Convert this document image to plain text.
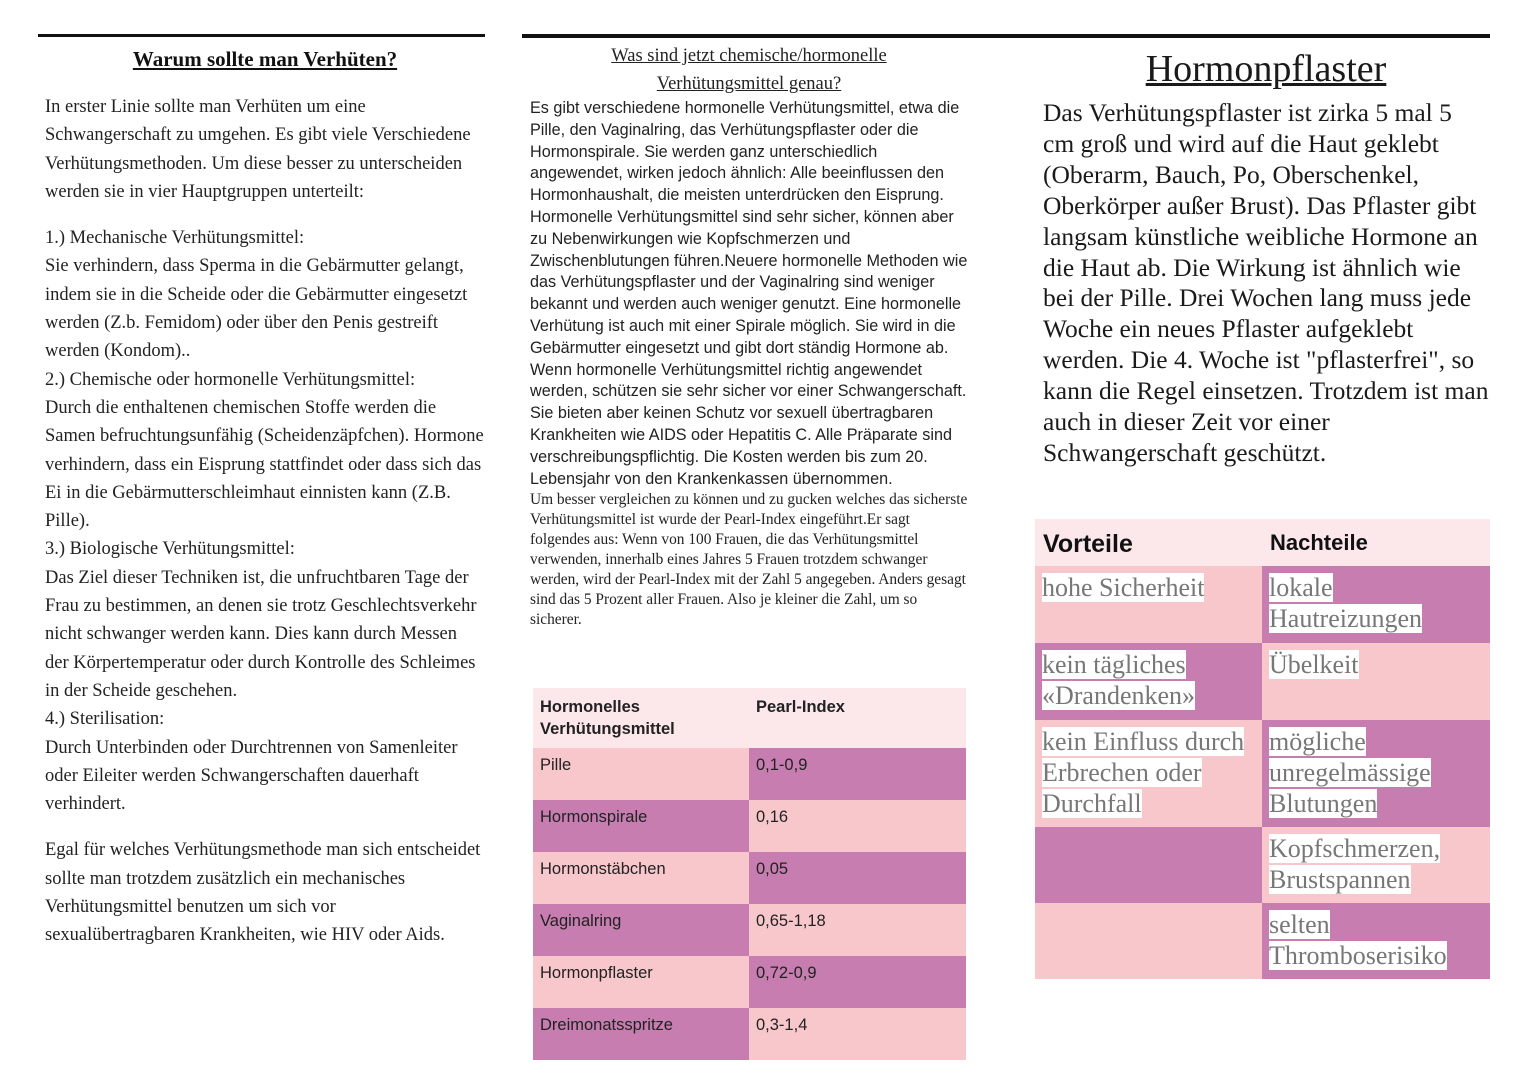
Warum sollte man Verhüten?

In erster Linie sollte man Verhüten um eine Schwangerschaft zu umgehen. Es gibt viele Verschiedene Verhütungsmethoden. Um diese besser zu unterscheiden werden sie in vier Hauptgruppen unterteilt:

1.) Mechanische Verhütungsmittel:

Sie verhindern, dass Sperma in die Gebärmutter gelangt, indem sie in die Scheide oder die Gebärmutter eingesetzt werden (Z.b. Femidom) oder über den Penis gestreift werden (Kondom)..

2.) Chemische oder hormonelle Verhütungsmittel:

Durch die enthaltenen chemischen Stoffe werden die Samen befruchtungsunfähig (Scheidenzäpfchen). Hormone verhindern, dass ein Eisprung stattfindet oder dass sich das Ei in die Gebärmutterschleimhaut einnisten kann (Z.B. Pille).

3.) Biologische Verhütungsmittel:

Das Ziel dieser Techniken ist, die unfruchtbaren Tage der Frau zu bestimmen, an denen sie trotz Geschlechtsverkehr nicht schwanger werden kann. Dies kann durch Messen der Körpertemperatur oder durch Kontrolle des Schleimes in der Scheide geschehen.

4.) Sterilisation:

Durch Unterbinden oder Durchtrennen von Samenleiter oder Eileiter werden Schwangerschaften dauerhaft verhindert.

Egal für welches Verhütungsmethode man sich entscheidet sollte man trotzdem zusätzlich ein mechanisches Verhütungsmittel benutzen um sich vor sexualübertragbaren Krankheiten, wie HIV oder Aids.

Was sind jetzt chemische/hormonelle
Verhütungsmittel genau?

Es gibt verschiedene hormonelle Verhütungsmittel, etwa die Pille, den Vaginalring, das Verhütungspflaster oder die Hormonspirale. Sie werden ganz unterschiedlich angewendet, wirken jedoch ähnlich: Alle beeinflussen den Hormonhaushalt, die meisten unterdrücken den Eisprung. Hormonelle Verhütungsmittel sind sehr sicher, können aber zu Nebenwirkungen wie Kopfschmerzen und Zwischenblutungen führen.Neuere hormonelle Methoden wie das Verhütungspflaster und der Vaginalring sind weniger bekannt und werden auch weniger genutzt. Eine hormonelle Verhütung ist auch mit einer Spirale möglich. Sie wird in die Gebärmutter eingesetzt und gibt dort ständig Hormone ab.

Wenn hormonelle Verhütungsmittel richtig angewendet werden, schützen sie sehr sicher vor einer Schwangerschaft. Sie bieten aber keinen Schutz vor sexuell übertragbaren Krankheiten wie AIDS oder Hepatitis C. Alle Präparate sind verschreibungspflichtig. Die Kosten werden bis zum 20. Lebensjahr von den Krankenkassen übernommen.

Um besser vergleichen zu können und zu gucken welches das sicherste Verhütungsmittel ist wurde der Pearl-Index eingeführt.Er sagt folgendes aus: Wenn von 100 Frauen, die das Verhütungsmittel verwenden, innerhalb eines Jahres 5 Frauen trotzdem schwanger werden, wird der Pearl-Index mit der Zahl 5 angegeben. Anders gesagt sind das 5 Prozent aller Frauen. Also je kleiner die Zahl, um so sicherer.

Hormonelles Verhütungsmittel	Pearl-Index
Pille	0,1-0,9
Hormonspirale	0,16
Hormonstäbchen	0,05
Vaginalring	0,65-1,18
Hormonpflaster	0,72-0,9
Dreimonatsspritze	0,3-1,4
Hormonpflaster

Das Verhütungspflaster ist zirka 5 mal 5 cm groß und wird auf die Haut geklebt (Oberarm, Bauch, Po, Oberschenkel, Oberkörper außer Brust). Das Pflaster gibt langsam künstliche weibliche Hormone an die Haut ab. Die Wirkung ist ähnlich wie bei der Pille. Drei Wochen lang muss jede Woche ein neues Pflaster aufgeklebt werden. Die 4. Woche ist "pflasterfrei", so kann die Regel einsetzen. Trotzdem ist man auch in dieser Zeit vor einer Schwangerschaft geschützt.

Vorteile	Nachteile
hohe Sicherheit	lokale Hautreizungen
kein tägliches «Drandenken»	Übelkeit
kein Einfluss durch Erbrechen oder Durchfall	mögliche unregelmässige Blutungen
	Kopfschmerzen, Brustspannen
	selten Thromboserisiko
